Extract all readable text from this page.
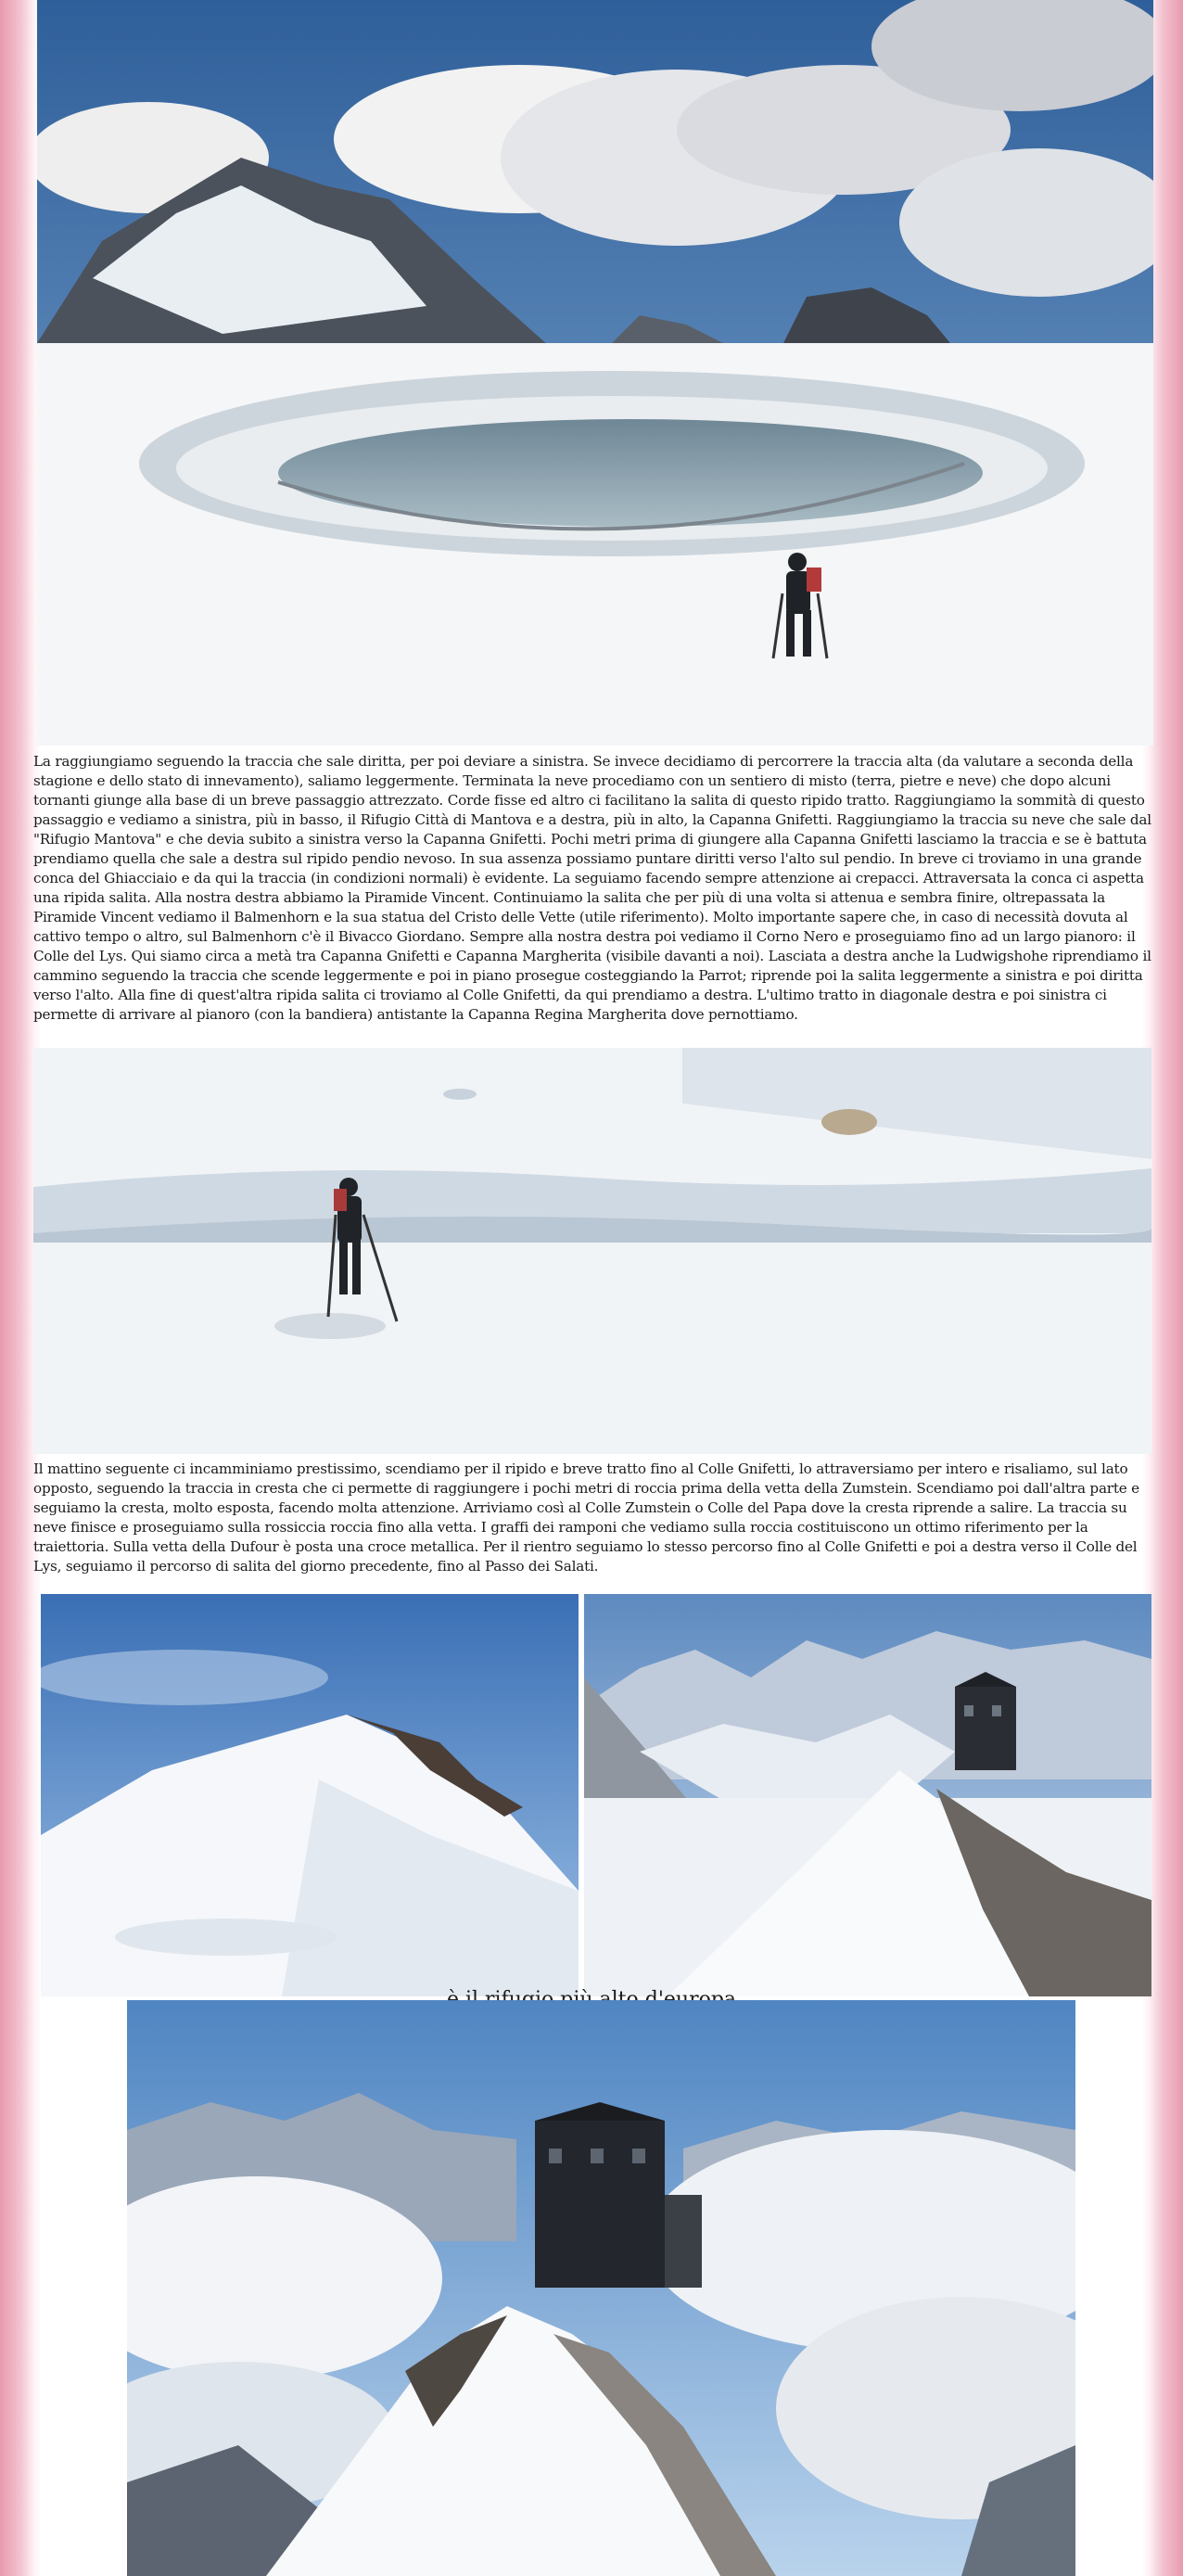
La raggiungiamo seguendo la traccia che sale diritta, per poi deviare a sinistra. Se invece decidiamo di percorrere la traccia alta (da valutare a seconda della stagione e dello stato di innevamento), saliamo leggermente. Terminata la neve procediamo con un sentiero di misto (terra, pietre e neve) che dopo alcuni tornanti giunge alla base di un breve passaggio attrezzato. Corde fisse ed altro ci facilitano la salita di questo ripido tratto. Raggiungiamo la sommità di questo passaggio e vediamo a sinistra, più in basso, il Rifugio Città di Mantova e a destra, più in alto, la Capanna Gnifetti. Raggiungiamo la traccia su neve che sale dal "Rifugio Mantova" e che devia subito a sinistra verso la Capanna Gnifetti. Pochi metri prima di giungere alla Capanna Gnifetti lasciamo la traccia e se è battuta prendiamo quella che sale a destra sul ripido pendio nevoso. In sua assenza possiamo puntare diritti verso l'alto sul pendio. In breve ci troviamo in una grande conca del Ghiacciaio e da qui la traccia (in condizioni normali) è evidente. La seguiamo facendo sempre attenzione ai crepacci. Attraversata la conca ci aspetta una ripida salita. Alla nostra destra abbiamo la Piramide Vincent. Continuiamo la salita che per più di una volta si attenua e sembra finire, oltrepassata la Piramide Vincent vediamo il Balmenhorn e la sua statua del Cristo delle Vette (utile riferimento). Molto importante sapere che, in caso di necessità dovuta al cattivo tempo o altro, sul Balmenhorn c'è il Bivacco Giordano. Sempre alla nostra destra poi vediamo il Corno Nero e proseguiamo fino ad un largo pianoro: il Colle del Lys. Qui siamo circa a metà tra Capanna Gnifetti e Capanna Margherita (visibile davanti a noi). Lasciata a destra anche la Ludwigshohe riprendiamo il cammino seguendo la traccia che scende leggermente e poi in piano prosegue costeggiando la Parrot; riprende poi la salita leggermente a sinistra e poi diritta verso l'alto. Alla fine di quest'altra ripida salita ci troviamo al Colle Gnifetti, da qui prendiamo a destra. L'ultimo tratto in diagonale destra e poi sinistra ci permette di arrivare al pianoro (con la bandiera) antistante la Capanna Regina Margherita dove pernottiamo.

Il mattino seguente ci incamminiamo prestissimo, scendiamo per il ripido e breve tratto fino al Colle Gnifetti, lo attraversiamo per intero e risaliamo, sul lato opposto, seguendo la traccia in cresta che ci permette di raggiungere i pochi metri di roccia prima della vetta della Zumstein. Scendiamo poi dall'altra parte e seguiamo la cresta, molto esposta, facendo molta attenzione. Arriviamo così al Colle Zumstein o Colle del Papa dove la cresta riprende a salire. La traccia su neve finisce e proseguiamo sulla rossiccia roccia fino alla vetta. I graffi dei ramponi che vediamo sulla roccia costituiscono un ottimo riferimento per la traiettoria. Sulla vetta della Dufour è posta una croce metallica. Per il rientro seguiamo lo stesso percorso fino al Colle Gnifetti e poi a destra verso il Colle del Lys, seguiamo il percorso di salita del giorno precedente, fino al Passo dei Salati.
